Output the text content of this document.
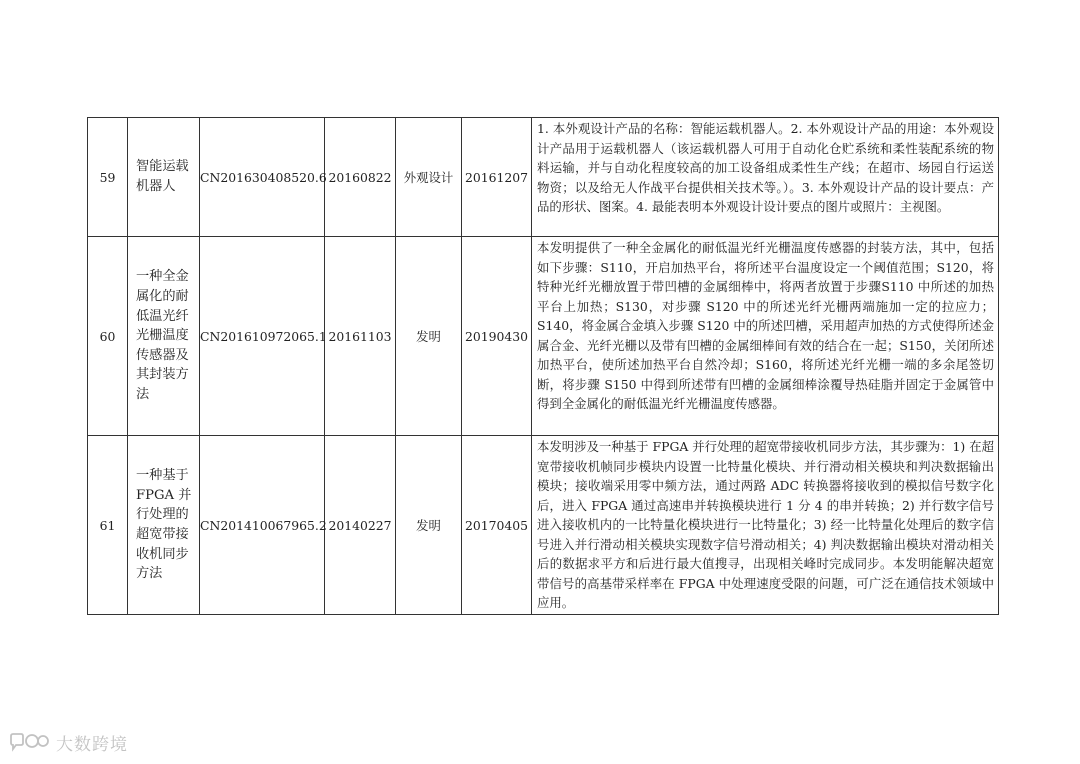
59	智能运载机器人	CN201630408520.6	20160822	外观设计	20161207	1. 本外观设计产品的名称：智能运载机器人。2. 本外观设计产品的用途：本外观设计产品用于运载机器人（该运载机器人可用于自动化仓贮系统和柔性装配系统的物料运输，并与自动化程度较高的加工设备组成柔性生产线；在超市、场园自行运送物资；以及给无人作战平台提供相关技术等。）。3. 本外观设计产品的设计要点：产品的形状、图案。4. 最能表明本外观设计设计要点的图片或照片：主视图。
60	一种全金属化的耐低温光纤光栅温度传感器及其封装方法	CN201610972065.1	20161103	发明	20190430	本发明提供了一种全金属化的耐低温光纤光栅温度传感器的封装方法，其中，包括如下步骤：S110，开启加热平台，将所述平台温度设定一个阈值范围；S120，将特种光纤光栅放置于带凹槽的金属细棒中，将两者放置于步骤S110 中所述的加热平台上加热；S130，对步骤 S120 中的所述光纤光栅两端施加一定的拉应力；S140，将金属合金填入步骤 S120 中的所述凹槽，采用超声加热的方式使得所述金属合金、光纤光栅以及带有凹槽的金属细棒间有效的结合在一起；S150，关闭所述加热平台，使所述加热平台自然冷却；S160，将所述光纤光栅一端的多余尾签切断，将步骤 S150 中得到所述带有凹槽的金属细棒涂覆导热硅脂并固定于金属管中得到全金属化的耐低温光纤光栅温度传感器。
61	一种基于 FPGA 并行处理的超宽带接收机同步方法	CN201410067965.2	20140227	发明	20170405	本发明涉及一种基于 FPGA 并行处理的超宽带接收机同步方法，其步骤为：1) 在超宽带接收机帧同步模块内设置一比特量化模块、并行滑动相关模块和判决数据输出模块；接收端采用零中频方法，通过两路 ADC 转换器将接收到的模拟信号数字化后，进入 FPGA 通过高速串并转换模块进行 1 分 4 的串并转换；2) 并行数字信号进入接收机内的一比特量化模块进行一比特量化；3) 经一比特量化处理后的数字信号进入并行滑动相关模块实现数字信号滑动相关；4) 判决数据输出模块对滑动相关后的数据求平方和后进行最大值搜寻，出现相关峰时完成同步。本发明能解决超宽带信号的高基带采样率在 FPGA 中处理速度受限的问题，可广泛在通信技术领域中应用。
大数跨境
